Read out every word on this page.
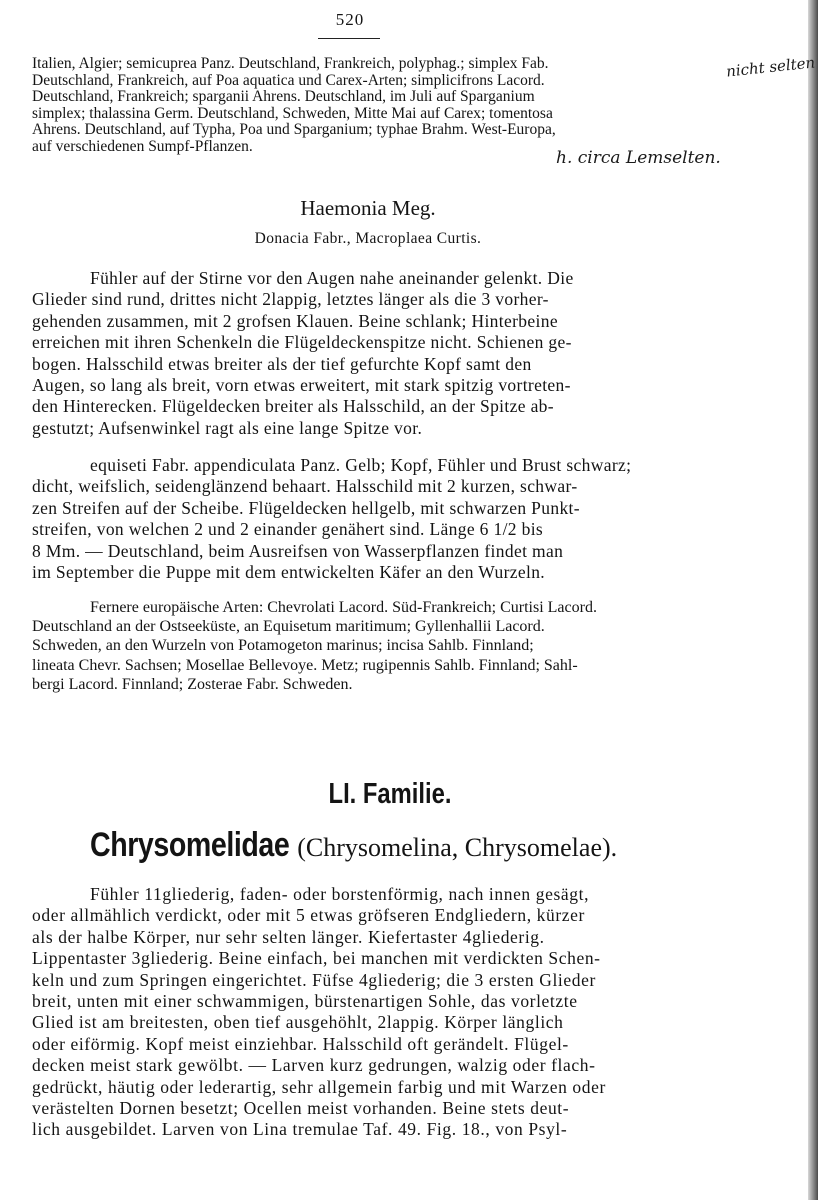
520
Italien, Algier; semicuprea Panz. Deutschland, Frankreich, polyphag.; simplex Fab.
Deutschland, Frankreich, auf Poa aquatica und Carex-Arten; simplicifrons Lacord.
Deutschland, Frankreich; sparganii Ahrens. Deutschland, im Juli auf Sparganium
simplex; thalassina Germ. Deutschland, Schweden, Mitte Mai auf Carex; tomentosa
Ahrens. Deutschland, auf Typha, Poa und Sparganium; typhae Brahm. West-Europa,
auf verschiedenen Sumpf-Pflanzen.
nicht selten
h. circa Lemselten.
Haemonia Meg.
Donacia Fabr., Macroplaea Curtis.
Fühler auf der Stirne vor den Augen nahe aneinander gelenkt. Die
Glieder sind rund, drittes nicht 2lappig, letztes länger als die 3 vorher-
gehenden zusammen, mit 2 grofsen Klauen. Beine schlank; Hinterbeine
erreichen mit ihren Schenkeln die Flügeldeckenspitze nicht. Schienen ge-
bogen. Halsschild etwas breiter als der tief gefurchte Kopf samt den
Augen, so lang als breit, vorn etwas erweitert, mit stark spitzig vortreten-
den Hinterecken. Flügeldecken breiter als Halsschild, an der Spitze ab-
gestutzt; Aufsenwinkel ragt als eine lange Spitze vor.
equiseti Fabr. appendiculata Panz. Gelb; Kopf, Fühler und Brust schwarz;
dicht, weifslich, seidenglänzend behaart. Halsschild mit 2 kurzen, schwar-
zen Streifen auf der Scheibe. Flügeldecken hellgelb, mit schwarzen Punkt-
streifen, von welchen 2 und 2 einander genähert sind. Länge 6 1/2 bis
8 Mm. — Deutschland, beim Ausreifsen von Wasserpflanzen findet man
im September die Puppe mit dem entwickelten Käfer an den Wurzeln.
Fernere europäische Arten: Chevrolati Lacord. Süd-Frankreich; Curtisi Lacord.
Deutschland an der Ostseeküste, an Equisetum maritimum; Gyllenhallii Lacord.
Schweden, an den Wurzeln von Potamogeton marinus; incisa Sahlb. Finnland;
lineata Chevr. Sachsen; Mosellae Bellevoye. Metz; rugipennis Sahlb. Finnland; Sahl-
bergi Lacord. Finnland; Zosterae Fabr. Schweden.
LI. Familie.
Chrysomelidae (Chrysomelina, Chrysomelae).
Fühler 11gliederig, faden- oder borstenförmig, nach innen gesägt,
oder allmählich verdickt, oder mit 5 etwas gröfseren Endgliedern, kürzer
als der halbe Körper, nur sehr selten länger. Kiefertaster 4gliederig.
Lippentaster 3gliederig. Beine einfach, bei manchen mit verdickten Schen-
keln und zum Springen eingerichtet. Füfse 4gliederig; die 3 ersten Glieder
breit, unten mit einer schwammigen, bürstenartigen Sohle, das vorletzte
Glied ist am breitesten, oben tief ausgehöhlt, 2lappig. Körper länglich
oder eiförmig. Kopf meist einziehbar. Halsschild oft gerändelt. Flügel-
decken meist stark gewölbt. — Larven kurz gedrungen, walzig oder flach-
gedrückt, häutig oder lederartig, sehr allgemein farbig und mit Warzen oder
verästelten Dornen besetzt; Ocellen meist vorhanden. Beine stets deut-
lich ausgebildet. Larven von Lina tremulae Taf. 49. Fig. 18., von Psyl-
